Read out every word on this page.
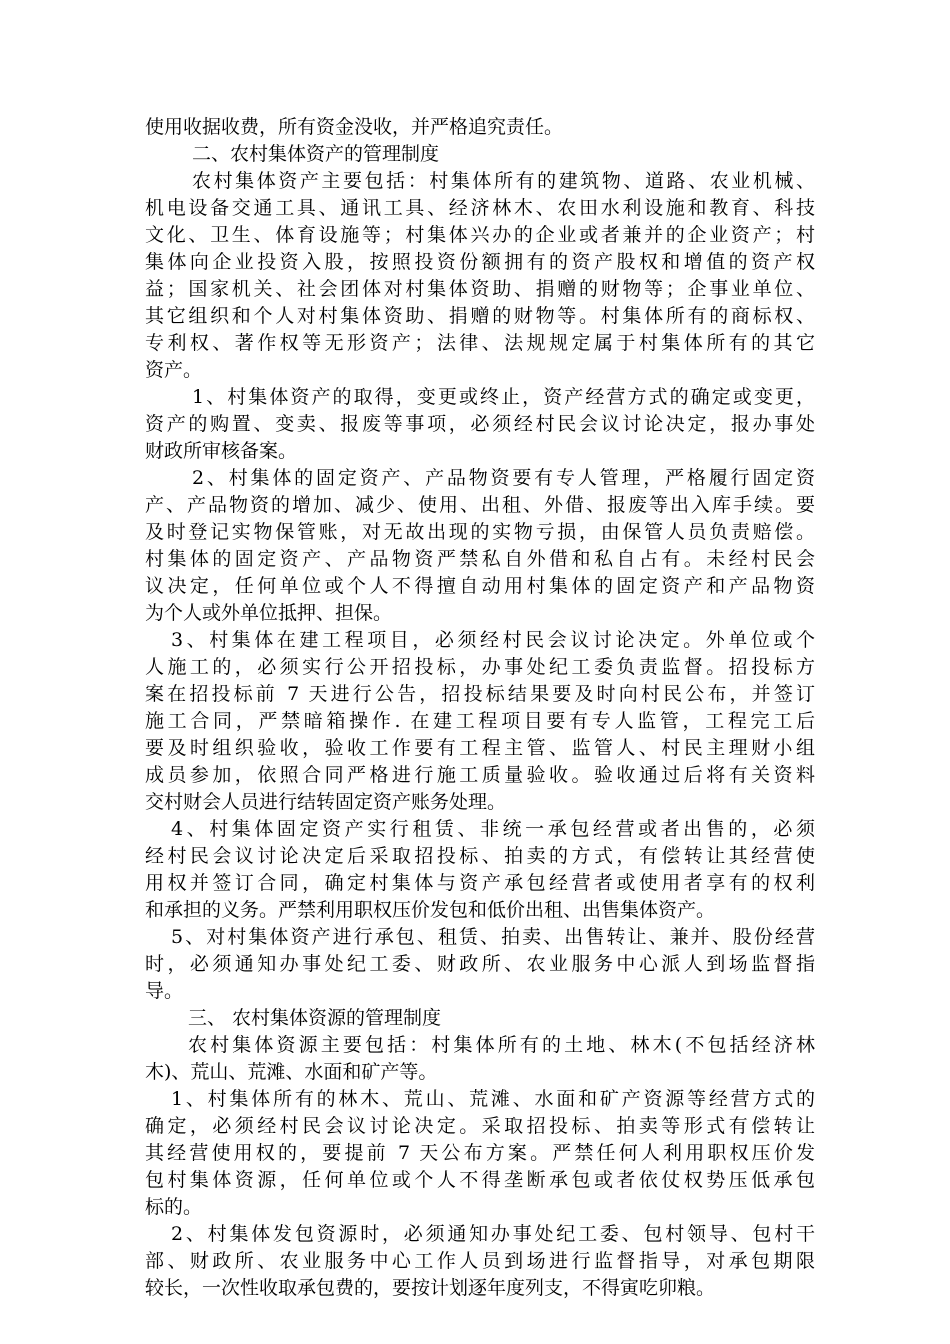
使用收据收费，所有资金没收，并严格追究责任。
二、农村集体资产的管理制度
农村集体资产主要包括：村集体所有的建筑物、道路、农业机械、
机电设备交通工具、通讯工具、经济林木、农田水利设施和教育、科技
文化、卫生、体育设施等；村集体兴办的企业或者兼并的企业资产；村
集体向企业投资入股，按照投资份额拥有的资产股权和增值的资产权
益；国家机关、社会团体对村集体资助、捐赠的财物等；企事业单位、
其它组织和个人对村集体资助、捐赠的财物等。村集体所有的商标权、
专利权、著作权等无形资产；法律、法规规定属于村集体所有的其它
资产。
1、村集体资产的取得，变更或终止，资产经营方式的确定或变更，
资产的购置、变卖、报废等事项，必须经村民会议讨论决定，报办事处
财政所审核备案。
2、村集体的固定资产、产品物资要有专人管理，严格履行固定资
产、产品物资的增加、减少、使用、出租、外借、报废等出入库手续。要
及时登记实物保管账，对无故出现的实物亏损，由保管人员负责赔偿。
村集体的固定资产、产品物资严禁私自外借和私自占有。未经村民会
议决定，任何单位或个人不得擅自动用村集体的固定资产和产品物资
为个人或外单位抵押、担保。
3、村集体在建工程项目，必须经村民会议讨论决定。外单位或个
人施工的，必须实行公开招投标，办事处纪工委负责监督。招投标方
案在招投标前 7 天进行公告，招投标结果要及时向村民公布，并签订
施工合同，严禁暗箱操作. 在建工程项目要有专人监管，工程完工后
要及时组织验收，验收工作要有工程主管、监管人、村民主理财小组
成员参加，依照合同严格进行施工质量验收。验收通过后将有关资料
交村财会人员进行结转固定资产账务处理。
4、村集体固定资产实行租赁、非统一承包经营或者出售的，必须
经村民会议讨论决定后采取招投标、拍卖的方式，有偿转让其经营使
用权并签订合同，确定村集体与资产承包经营者或使用者享有的权利
和承担的义务。严禁利用职权压价发包和低价出租、出售集体资产。
5、对村集体资产进行承包、租赁、拍卖、出售转让、兼并、股份经营
时，必须通知办事处纪工委、财政所、农业服务中心派人到场监督指
导。
三、 农村集体资源的管理制度
农村集体资源主要包括：村集体所有的土地、林木(不包括经济林
木)、荒山、荒滩、水面和矿产等。
1、村集体所有的林木、荒山、荒滩、水面和矿产资源等经营方式的
确定，必须经村民会议讨论决定。采取招投标、拍卖等形式有偿转让
其经营使用权的，要提前 7 天公布方案。严禁任何人利用职权压价发
包村集体资源，任何单位或个人不得垄断承包或者依仗权势压低承包
标的。
2、村集体发包资源时，必须通知办事处纪工委、包村领导、包村干
部、财政所、农业服务中心工作人员到场进行监督指导，对承包期限
较长，一次性收取承包费的，要按计划逐年度列支，不得寅吃卯粮。
